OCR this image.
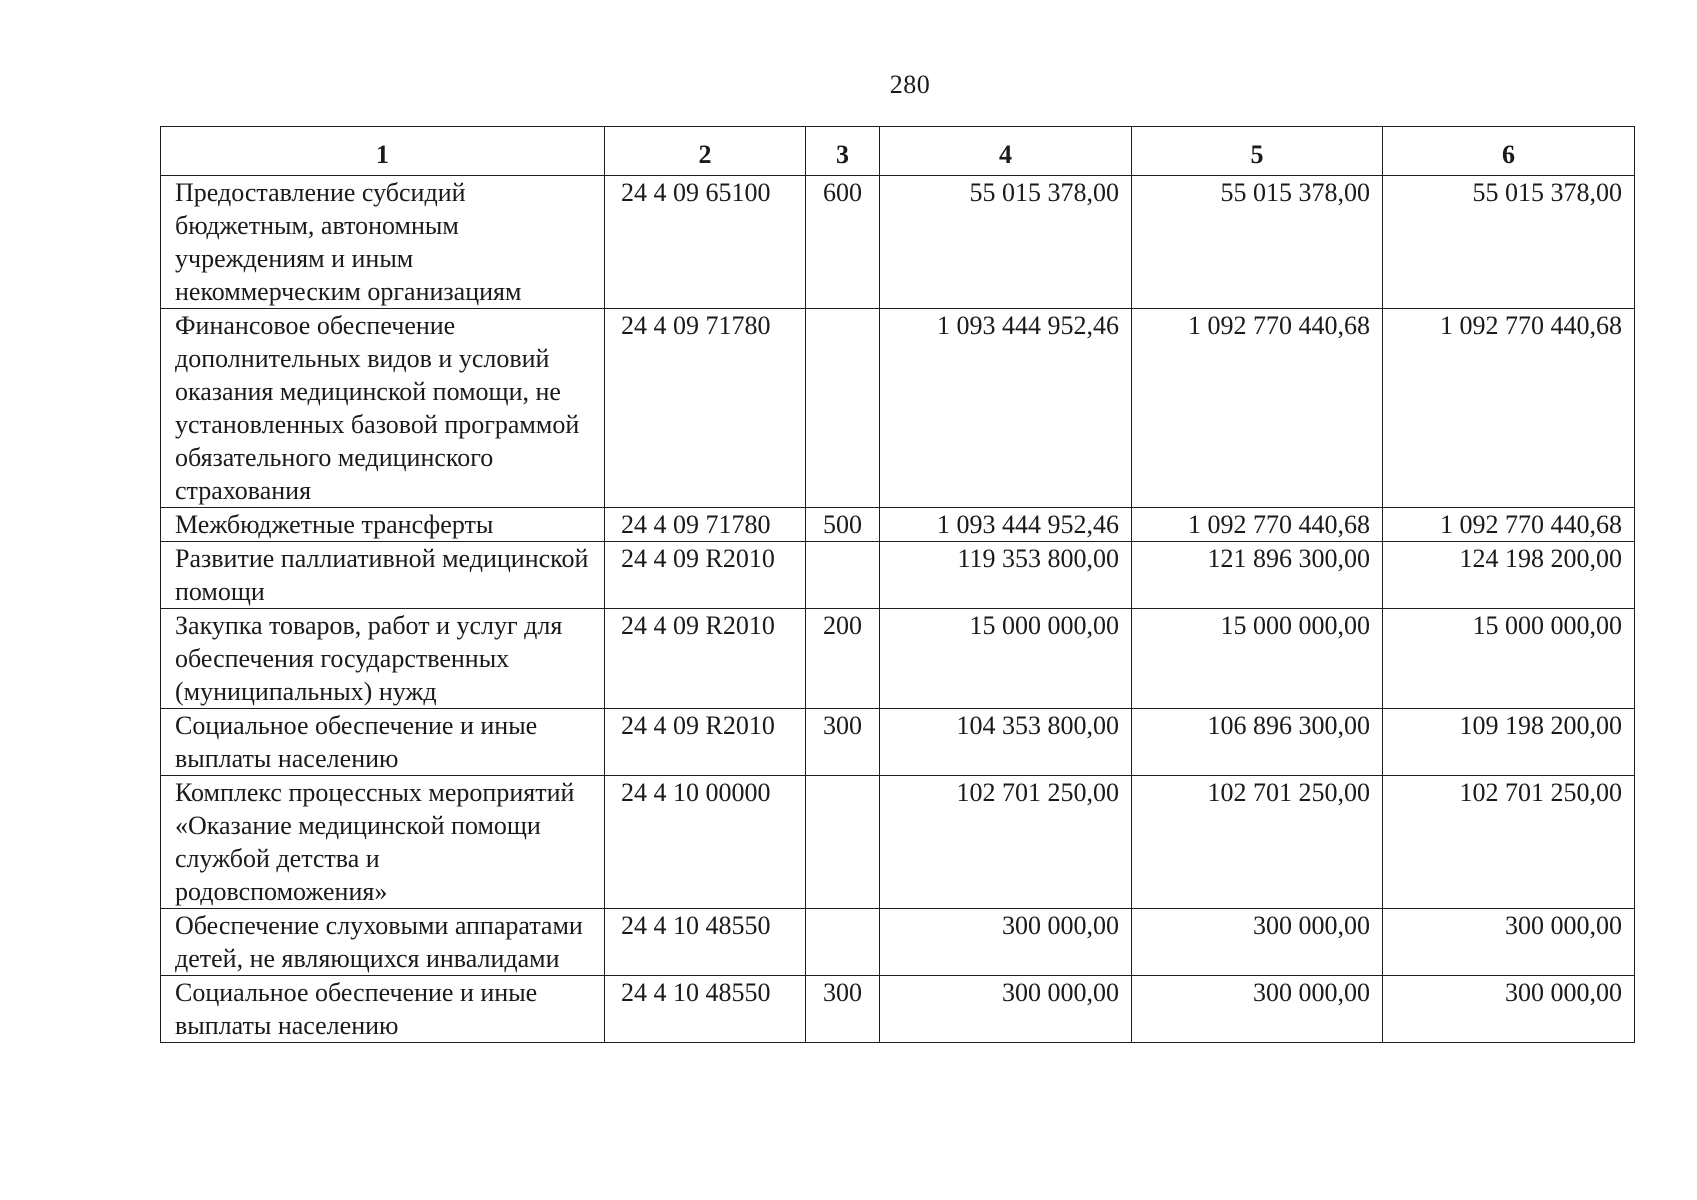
280
1	2	3	4	5	6
Предоставление субсидий бюджетным, автономным учреждениям и иным некоммерческим организациям	24 4 09 65100	600	55 015 378,00	55 015 378,00	55 015 378,00
Финансовое обеспечение дополнительных видов и условий оказания медицинской помощи, не установленных базовой программой обязательного медицинского страхования	24 4 09 71780		1 093 444 952,46	1 092 770 440,68	1 092 770 440,68
Межбюджетные трансферты	24 4 09 71780	500	1 093 444 952,46	1 092 770 440,68	1 092 770 440,68
Развитие паллиативной медицинской помощи	24 4 09 R2010		119 353 800,00	121 896 300,00	124 198 200,00
Закупка товаров, работ и услуг для обеспечения государственных (муниципальных) нужд	24 4 09 R2010	200	15 000 000,00	15 000 000,00	15 000 000,00
Социальное обеспечение и иные выплаты населению	24 4 09 R2010	300	104 353 800,00	106 896 300,00	109 198 200,00
Комплекс процессных мероприятий «Оказание медицинской помощи службой детства и родовспоможения»	24 4 10 00000		102 701 250,00	102 701 250,00	102 701 250,00
Обеспечение слуховыми аппаратами детей, не являющихся инвалидами	24 4 10 48550		300 000,00	300 000,00	300 000,00
Социальное обеспечение и иные выплаты населению	24 4 10 48550	300	300 000,00	300 000,00	300 000,00
